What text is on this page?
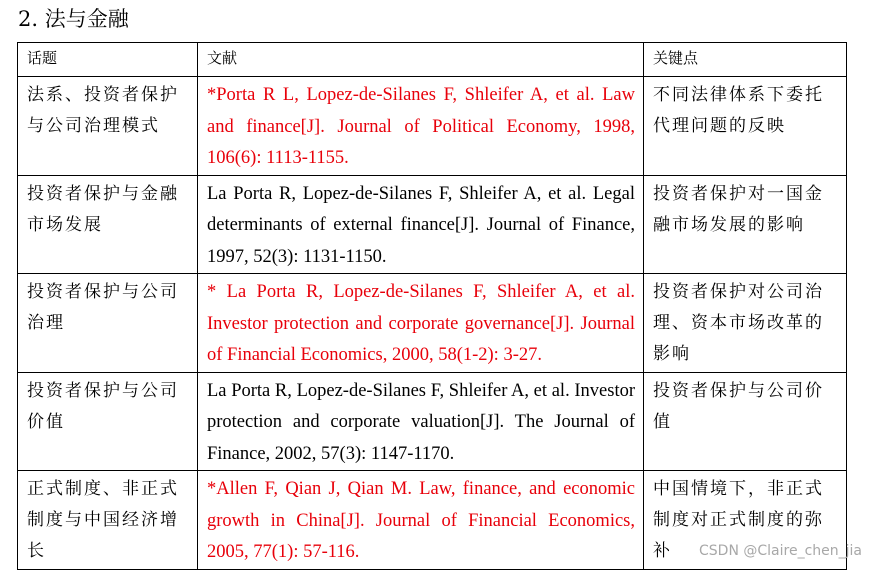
2. 法与金融
话题	文献	关键点
法系、投资者保护与公司治理模式	*Porta R L, Lopez-de-Silanes F, Shleifer A, et al. Law and finance[J]. Journal of Political Economy, 1998, 106(6): 1113-1155.	不同法律体系下委托代理问题的反映
投资者保护与金融市场发展	La Porta R, Lopez‐de‐Silanes F, Shleifer A, et al. Legal determinants of external finance[J]. Journal of Finance, 1997, 52(3): 1131-1150.	投资者保护对一国金融市场发展的影响
投资者保护与公司治理	* La Porta R, Lopez-de-Silanes F, Shleifer A, et al. Investor protection and corporate governance[J]. Journal of Financial Economics, 2000, 58(1-2): 3-27.	投资者保护对公司治理、资本市场改革的影响
投资者保护与公司价值	La Porta R, Lopez‐de‐Silanes F, Shleifer A, et al. Investor protection and corporate valuation[J]. The Journal of Finance, 2002, 57(3): 1147-1170.	投资者保护与公司价值
正式制度、非正式制度与中国经济增长	*Allen F, Qian J, Qian M. Law, finance, and economic growth in China[J]. Journal of Financial Economics, 2005, 77(1): 57-116.	中国情境下，非正式制度对正式制度的弥补 CSDN @Claire_chen_jia
